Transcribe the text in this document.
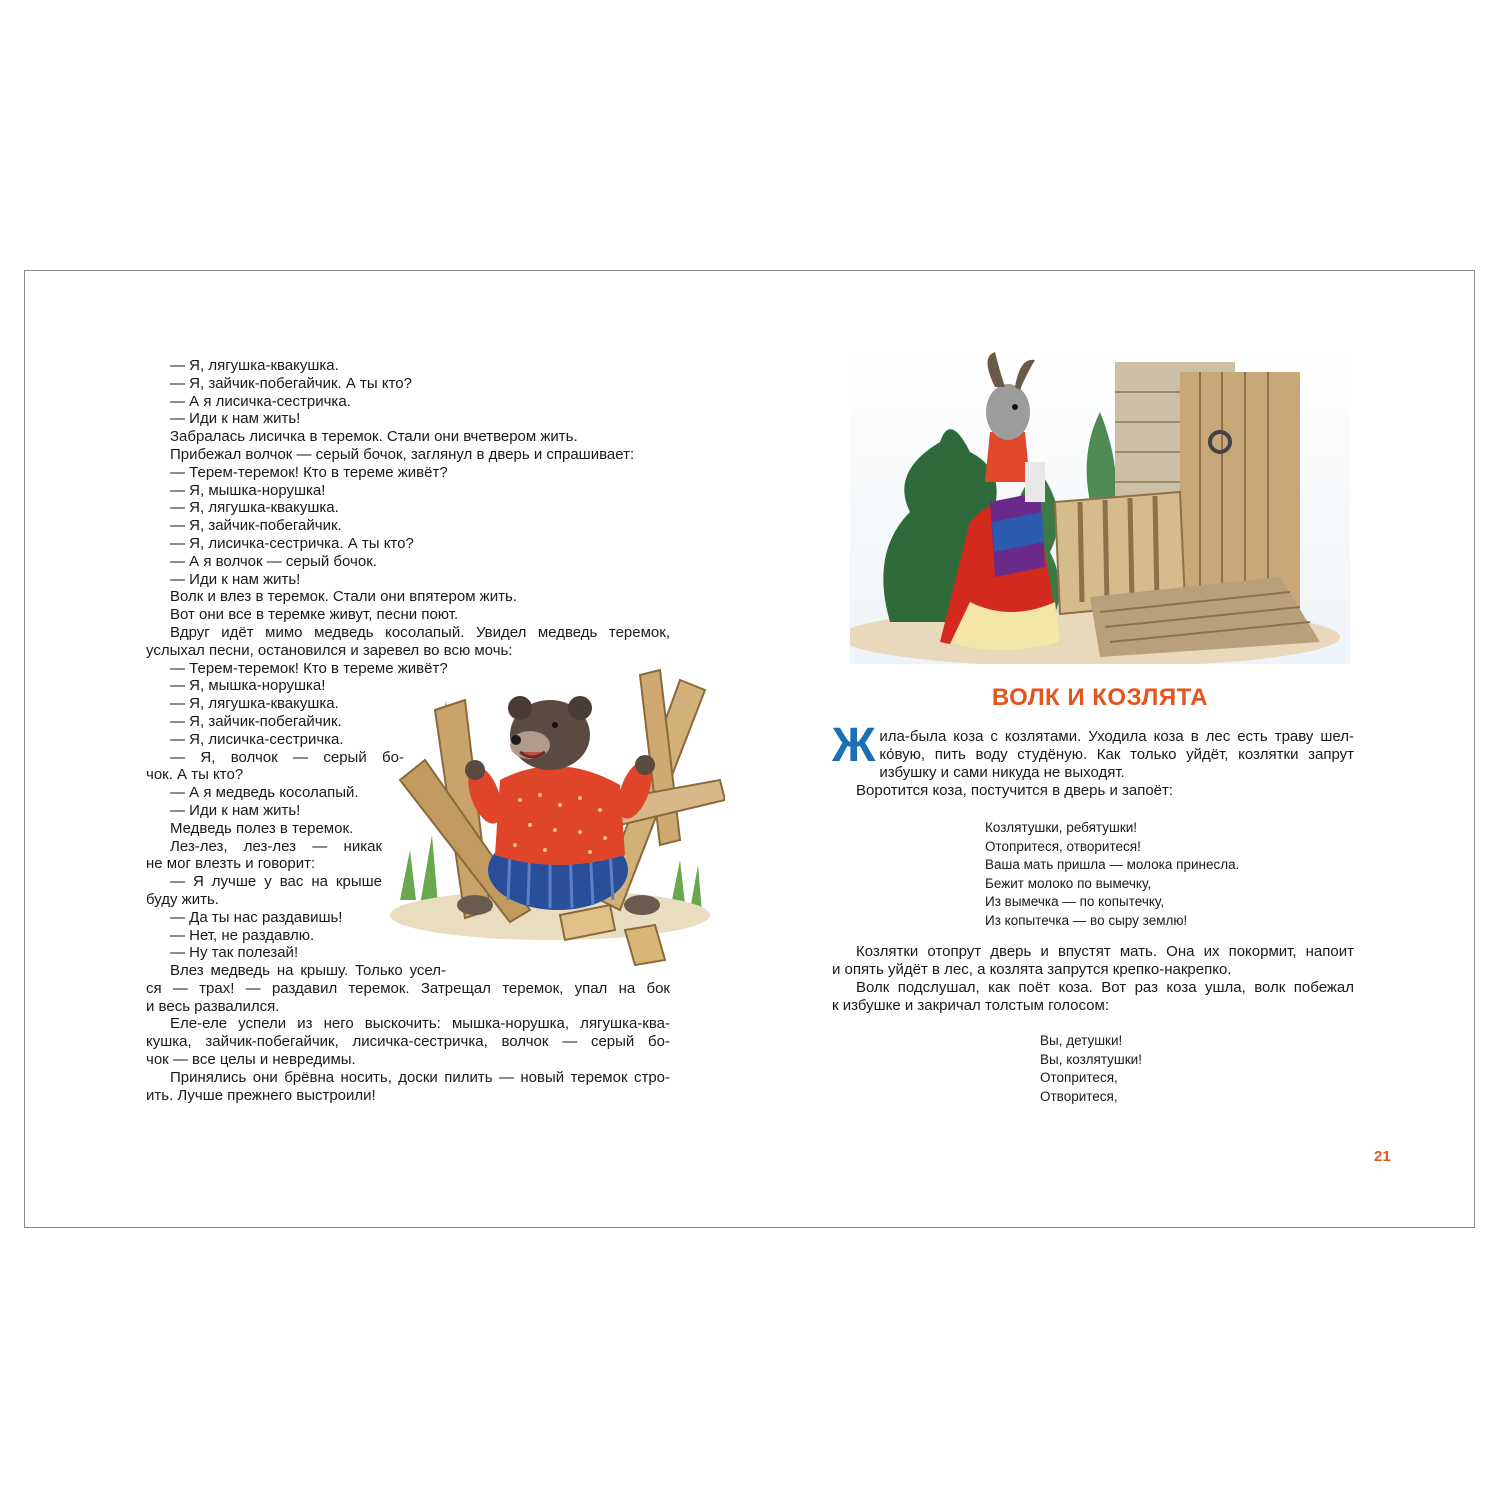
— Я, лягушка-квакушка.
— Я, зайчик-побегайчик. А ты кто?
— А я лисичка-сестричка.
— Иди к нам жить!
Забралась лисичка в теремок. Стали они вчетвером жить.
Прибежал волчок — серый бочок, заглянул в дверь и спрашивает:
— Терем-теремок! Кто в тереме живёт?
— Я, мышка-норушка!
— Я, лягушка-квакушка.
— Я, зайчик-побегайчик.
— Я, лисичка-сестричка. А ты кто?
— А я волчок — серый бочок.
— Иди к нам жить!
Волк и влез в теремок. Стали они впятером жить.
Вот они все в теремке живут, песни поют.
Вдруг идёт мимо медведь косолапый. Увидел медведь теремок,
услыхал песни, остановился и заревел во всю мочь:
— Терем-теремок! Кто в тереме живёт?
— Я, мышка-норушка!
— Я, лягушка-квакушка.
— Я, зайчик-побегайчик.
— Я, лисичка-сестричка.
— Я, волчок — серый бо-
чок. А ты кто?
— А я медведь косолапый.
— Иди к нам жить!
Медведь полез в теремок.
Лез-лез, лез-лез — никак
не мог влезть и говорит:
— Я лучше у вас на крыше
буду жить.
— Да ты нас раздавишь!
— Нет, не раздавлю.
— Ну так полезай!
Влез медведь на крышу. Только усел-
ся — трах! — раздавил теремок. Затрещал теремок, упал на бок
и весь развалился.
Еле-еле успели из него выскочить: мышка-норушка, лягушка-ква-
кушка, зайчик-побегайчик, лисичка-сестричка, волчок — серый бо-
чок — все целы и невредимы.
Принялись они брёвна носить, доски пилить — новый теремок стро-
ить. Лучше прежнего выстроили!
ВОЛК И КОЗЛЯТА
Ж ила-была коза с козлятами. Уходила коза в лес есть траву шел-
ко́вую, пить воду студёную. Как только уйдёт, козлятки запрут
избушку и сами никуда не выходят.
Воротится коза, постучится в дверь и запоёт:
Козлятушки, ребятушки!
Отопритеся, отворитеся!
Ваша мать пришла — молока принесла.
Бежит молоко по вымечку,
Из вымечка — по копытечку,
Из копытечка — во сыру землю!
Козлятки отопрут дверь и впустят мать. Она их покормит, напоит
и опять уйдёт в лес, а козлята запрутся крепко-накрепко.
Волк подслушал, как поёт коза. Вот раз коза ушла, волк побежал
к избушке и закричал толстым голосом:
Вы, детушки!
Вы, козлятушки!
Отопритеся,
Отворитеся,
21
